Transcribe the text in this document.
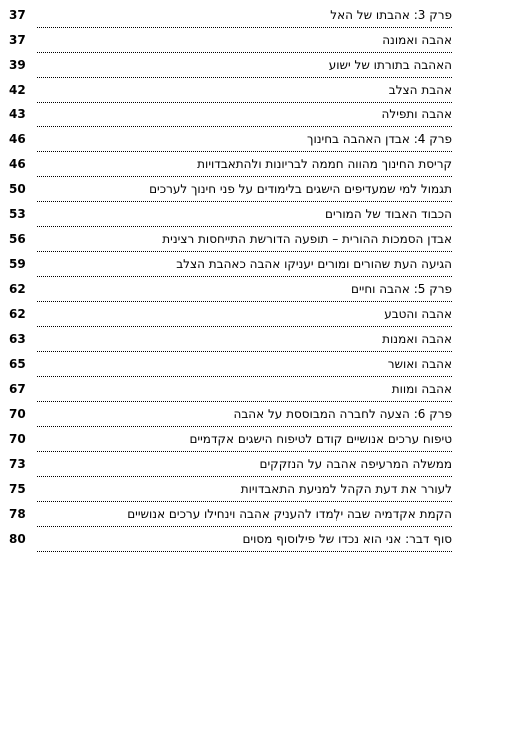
פרק 3: אהבתו של האל
37
אהבה ואמונה
37
האהבה בתורתו של ישוע
39
אהבת הצלב
42
אהבה ותפילה
43
פרק 4: אבדן האהבה בחינוך
46
קריסת החינוך מהווה חממה לבריונות ולהתאבדויות
46
תגמול למי שמעדיפים הישגים בלימודים על פני חינוך לערכים
50
הכבוד האבוד של המורים
53
אבדן הסמכות ההורית – תופעה הדורשת התייחסות רצינית
56
הגיעה העת שהורים ומורים יעניקו אהבה כאהבת הצלב
59
פרק 5: אהבה וחיים
62
אהבה והטבע
62
אהבה ואמנות
63
אהבה ואושר
65
אהבה ומוות
67
פרק 6: הצעה לחברה המבוססת על אהבה
70
טיפוח ערכים אנושיים קודם לטיפוח הישגים אקדמיים
70
ממשלה המרעיפה אהבה על הנזקקים
73
לעורר את דעת הקהל למניעת התאבדויות
75
הקמת אקדמיה שבה ילְמדו להעניק אהבה וינחילו ערכים אנושיים
78
סוף דבר: אני הוא נכדו של פילוסוף מסוים
80
